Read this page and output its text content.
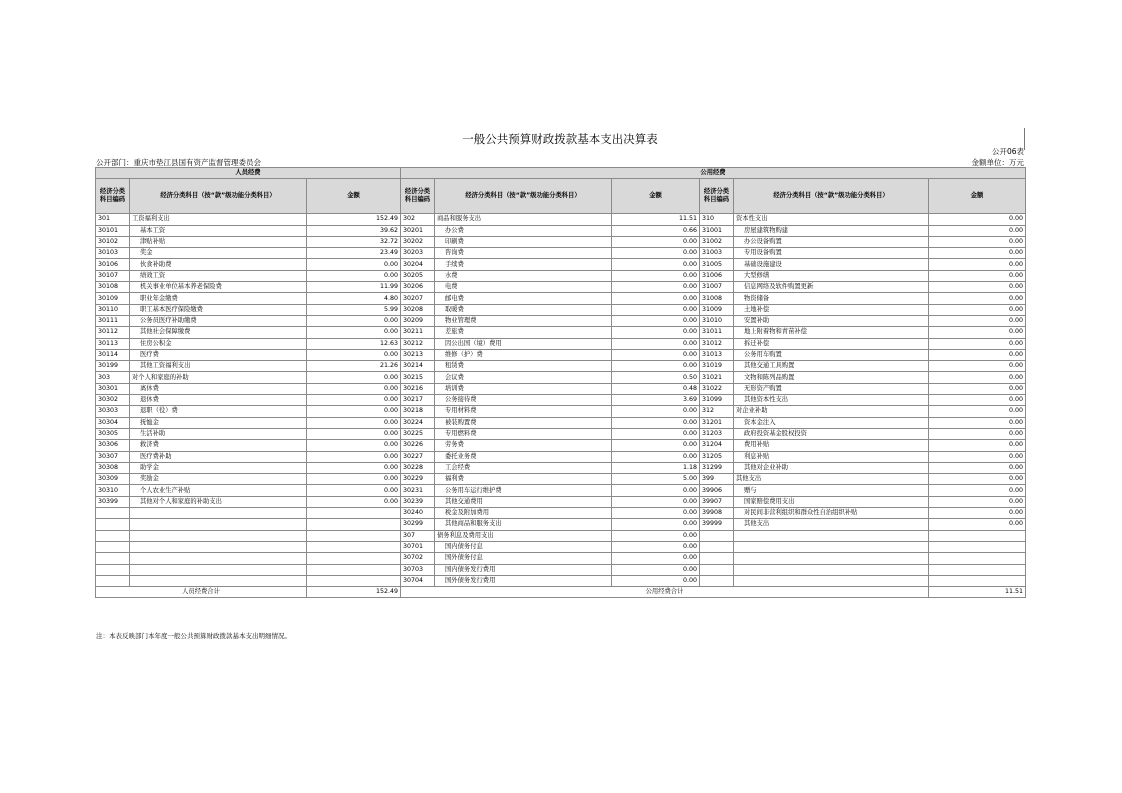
一般公共预算财政拨款基本支出决算表
公开06表
公开部门：重庆市垫江县国有资产监督管理委员会	金额单位：万元
人员经费			公用经费					
经济分类科目编码	经济分类科目（按“款”级功能分类科目）	金额	经济分类科目编码	经济分类科目（按“款”级功能分类科目）	金额	经济分类科目编码	经济分类科目（按“款”级功能分类科目）	金额
301	工资福利支出	152.49	302	商品和服务支出	11.51	310	资本性支出	0.00
30101	基本工资	39.62	30201	办公费	0.66	31001	房屋建筑物购建	0.00
30102	津贴补贴	32.72	30202	印刷费	0.00	31002	办公设备购置	0.00
30103	奖金	23.49	30203	咨询费	0.00	31003	专用设备购置	0.00
30106	伙食补助费	0.00	30204	手续费	0.00	31005	基础设施建设	0.00
30107	绩效工资	0.00	30205	水费	0.00	31006	大型修缮	0.00
30108	机关事业单位基本养老保险费	11.99	30206	电费	0.00	31007	信息网络及软件购置更新	0.00
30109	职业年金缴费	4.80	30207	邮电费	0.00	31008	物资储备	0.00
30110	职工基本医疗保险缴费	5.99	30208	取暖费	0.00	31009	土地补偿	0.00
30111	公务员医疗补助缴费	0.00	30209	物业管理费	0.00	31010	安置补助	0.00
30112	其他社会保障缴费	0.00	30211	差旅费	0.00	31011	地上附着物和青苗补偿	0.00
30113	住房公积金	12.63	30212	因公出国（境）费用	0.00	31012	拆迁补偿	0.00
30114	医疗费	0.00	30213	维修（护）费	0.00	31013	公务用车购置	0.00
30199	其他工资福利支出	21.26	30214	租赁费	0.00	31019	其他交通工具购置	0.00
303	对个人和家庭的补助	0.00	30215	会议费	0.50	31021	文物和陈列品购置	0.00
30301	离休费	0.00	30216	培训费	0.48	31022	无形资产购置	0.00
30302	退休费	0.00	30217	公务接待费	3.69	31099	其他资本性支出	0.00
30303	退职（役）费	0.00	30218	专用材料费	0.00	312	对企业补助	0.00
30304	抚恤金	0.00	30224	被装购置费	0.00	31201	资本金注入	0.00
30305	生活补助	0.00	30225	专用燃料费	0.00	31203	政府投资基金股权投资	0.00
30306	救济费	0.00	30226	劳务费	0.00	31204	费用补贴	0.00
30307	医疗费补助	0.00	30227	委托业务费	0.00	31205	利息补贴	0.00
30308	助学金	0.00	30228	工会经费	1.18	31299	其他对企业补助	0.00
30309	奖励金	0.00	30229	福利费	5.00	399	其他支出	0.00
30310	个人农业生产补贴	0.00	30231	公务用车运行维护费	0.00	39906	赠与	0.00
30399	其他对个人和家庭的补助支出	0.00	30239	其他交通费用	0.00	39907	国家赔偿费用支出	0.00
			30240	税金及附加费用	0.00	39908	对民间非营利组织和群众性自治组织补贴	0.00
			30299	其他商品和服务支出	0.00	39999	其他支出	0.00
			307	债务利息及费用支出	0.00			
			30701	国内债务付息	0.00			
			30702	国外债务付息	0.00			
			30703	国内债务发行费用	0.00			
			30704	国外债务发行费用	0.00			
人员经费合计		152.49	公用经费合计					11.51
注：本表反映部门本年度一般公共预算财政拨款基本支出明细情况。
